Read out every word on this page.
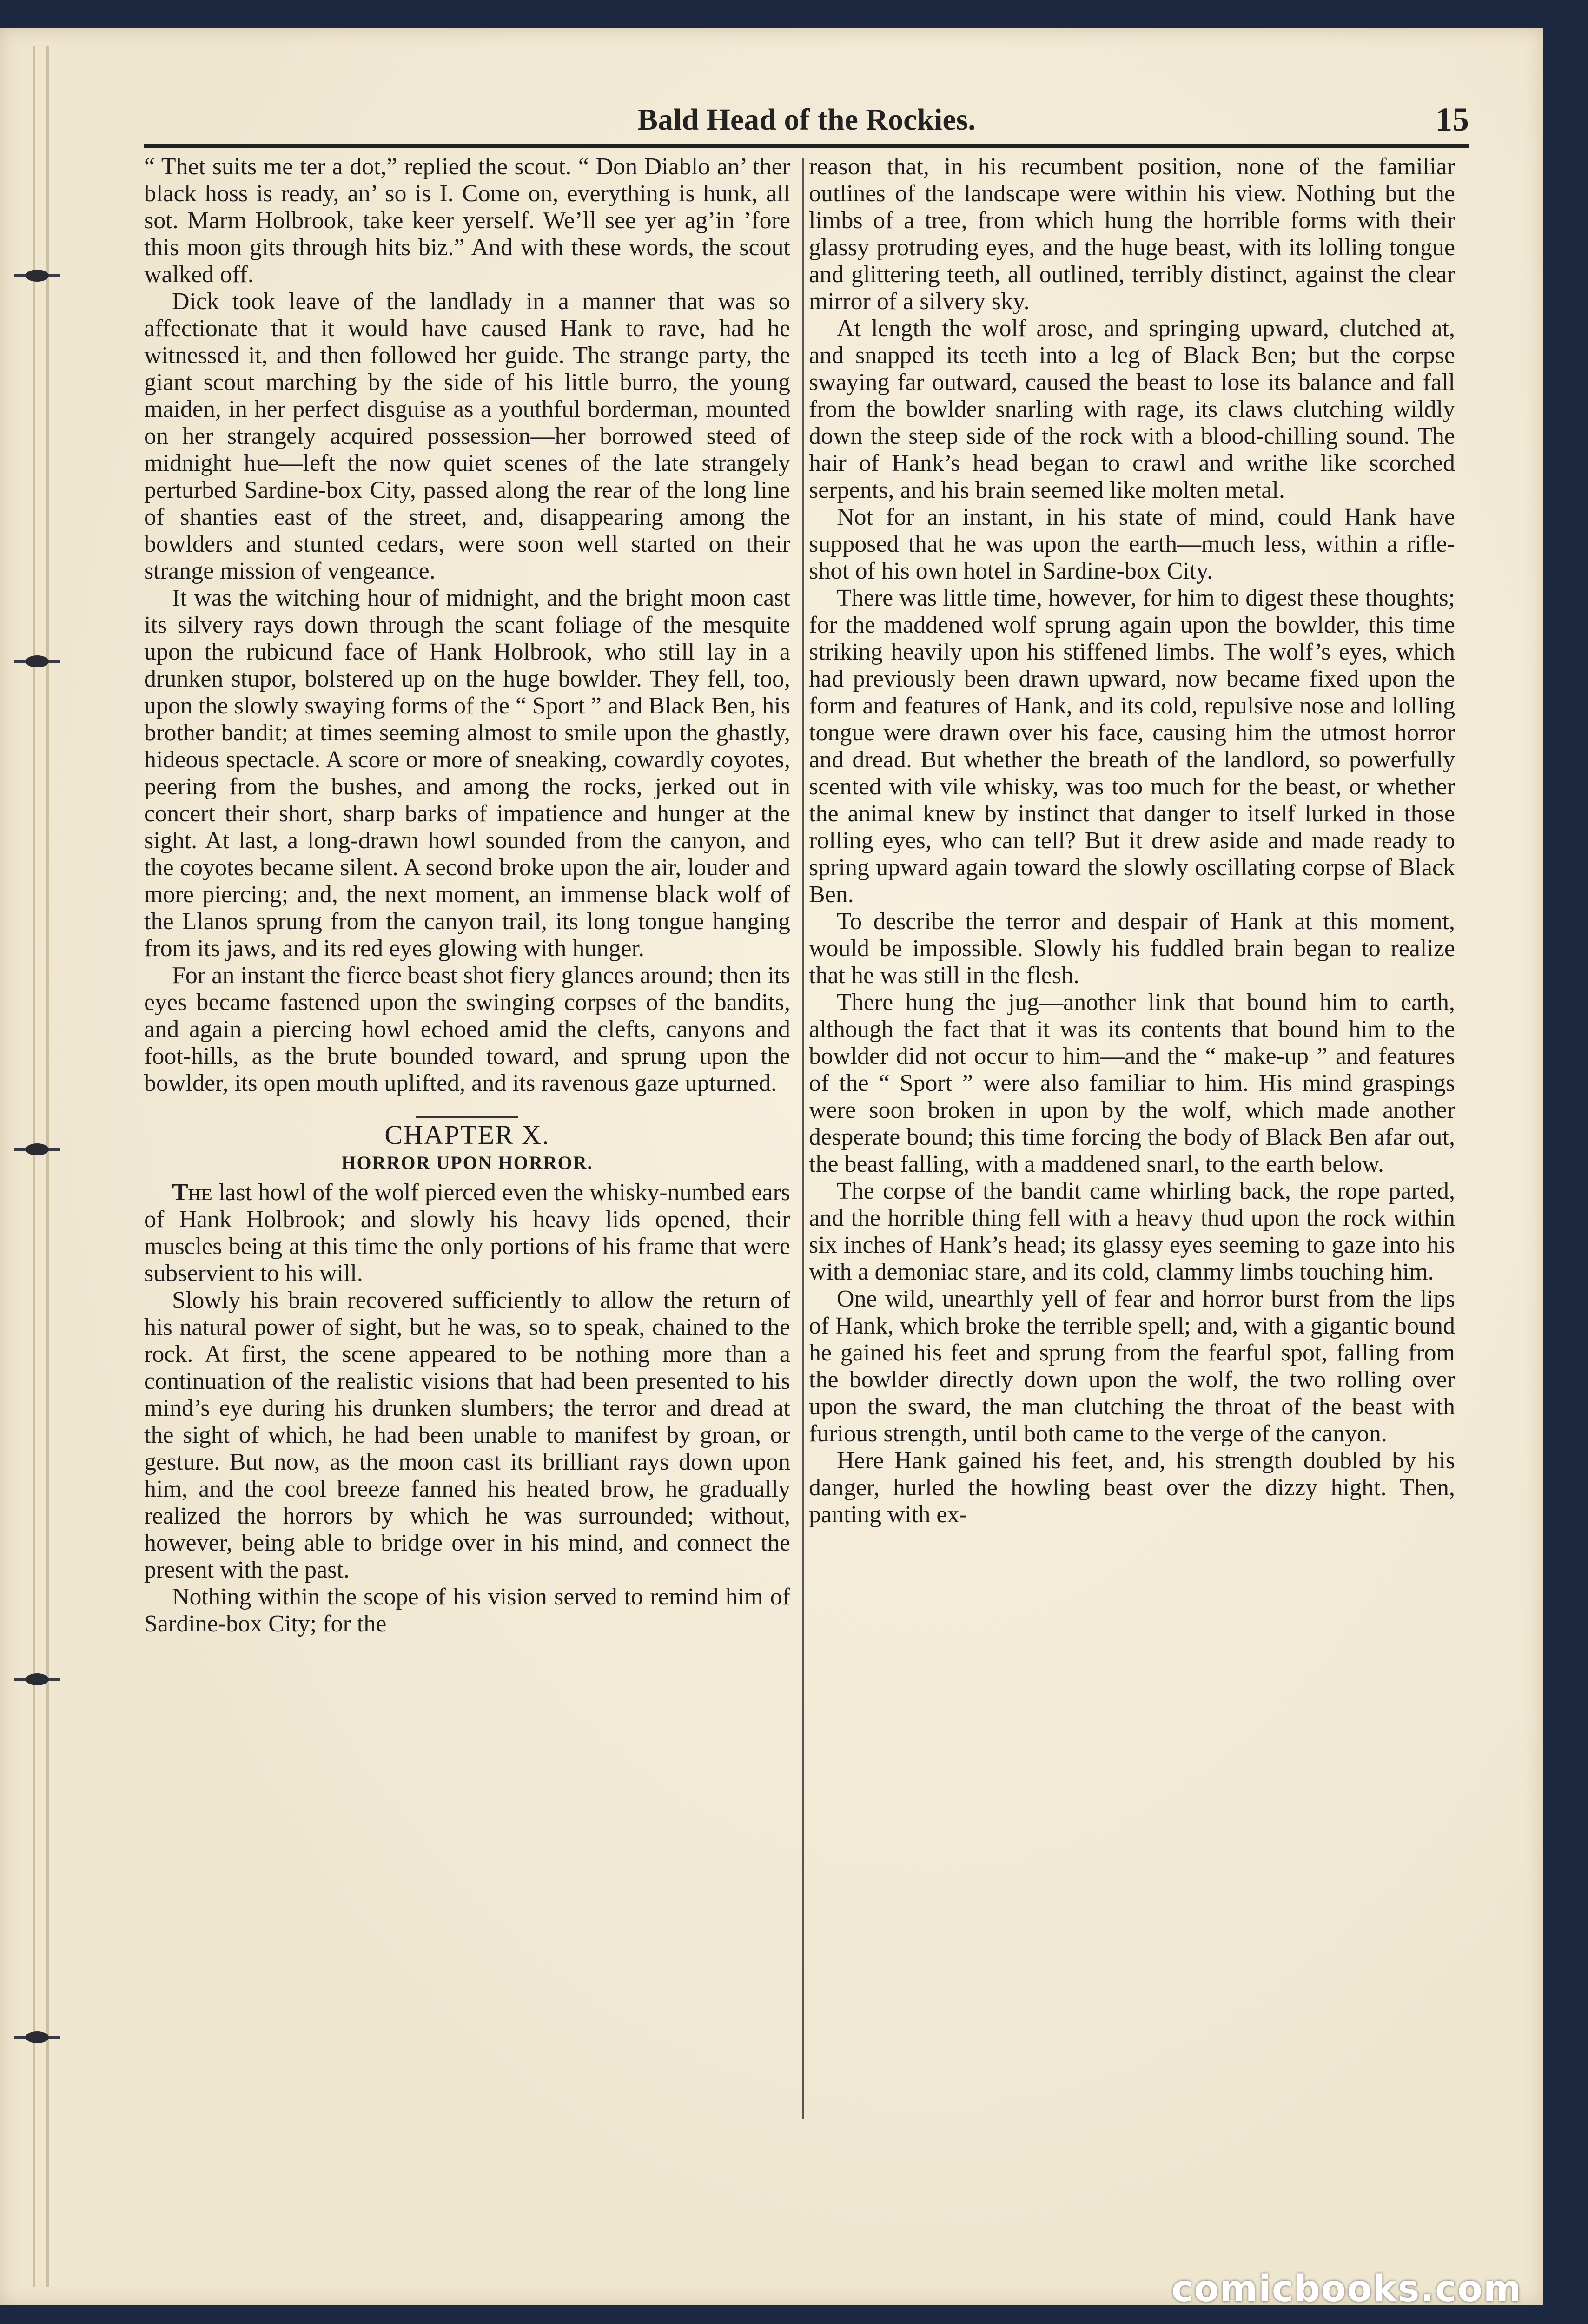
Bald Head of the Rockies.	15

“ Thet suits me ter a dot,” replied the scout. “ Don Diablo an’ ther black hoss is ready, an’ so is I. Come on, everything is hunk, all sot. Marm Holbrook, take keer yerself. We’ll see yer ag’in ’fore this moon gits through hits biz.” And with these words, the scout walked off.

Dick took leave of the landlady in a manner that was so affectionate that it would have caused Hank to rave, had he witnessed it, and then followed her guide. The strange party, the giant scout marching by the side of his little burro, the young maiden, in her perfect disguise as a youthful borderman, mounted on her strangely acquired possession—her borrowed steed of midnight hue—left the now quiet scenes of the late strangely perturbed Sardine-box City, passed along the rear of the long line of shanties east of the street, and, disappearing among the bowlders and stunted cedars, were soon well started on their strange mission of vengeance.

It was the witching hour of midnight, and the bright moon cast its silvery rays down through the scant foliage of the mesquite upon the rubicund face of Hank Holbrook, who still lay in a drunken stupor, bolstered up on the huge bowlder. They fell, too, upon the slowly swaying forms of the “ Sport ” and Black Ben, his brother bandit; at times seeming almost to smile upon the ghastly, hideous spectacle. A score or more of sneaking, cowardly coyotes, peering from the bushes, and among the rocks, jerked out in concert their short, sharp barks of impatience and hunger at the sight. At last, a long-drawn howl sounded from the canyon, and the coyotes became silent. A second broke upon the air, louder and more piercing; and, the next moment, an immense black wolf of the Llanos sprung from the canyon trail, its long tongue hanging from its jaws, and its red eyes glowing with hunger.

For an instant the fierce beast shot fiery glances around; then its eyes became fastened upon the swinging corpses of the bandits, and again a piercing howl echoed amid the clefts, canyons and foot-hills, as the brute bounded toward, and sprung upon the bowlder, its open mouth uplifted, and its ravenous gaze upturned.

CHAPTER X.
HORROR UPON HORROR.

The last howl of the wolf pierced even the whisky-numbed ears of Hank Holbrook; and slowly his heavy lids opened, their muscles being at this time the only portions of his frame that were subservient to his will.

Slowly his brain recovered sufficiently to allow the return of his natural power of sight, but he was, so to speak, chained to the rock. At first, the scene appeared to be nothing more than a continuation of the realistic visions that had been presented to his mind’s eye during his drunken slumbers; the terror and dread at the sight of which, he had been unable to manifest by groan, or gesture. But now, as the moon cast its brilliant rays down upon him, and the cool breeze fanned his heated brow, he gradually realized the horrors by which he was surrounded; without, however, being able to bridge over in his mind, and connect the present with the past.

Nothing within the scope of his vision served to remind him of Sardine-box City; for the

reason that, in his recumbent position, none of the familiar outlines of the landscape were within his view. Nothing but the limbs of a tree, from which hung the horrible forms with their glassy protruding eyes, and the huge beast, with its lolling tongue and glittering teeth, all outlined, terribly distinct, against the clear mirror of a silvery sky.

At length the wolf arose, and springing upward, clutched at, and snapped its teeth into a leg of Black Ben; but the corpse swaying far outward, caused the beast to lose its balance and fall from the bowlder snarling with rage, its claws clutching wildly down the steep side of the rock with a blood-chilling sound. The hair of Hank’s head began to crawl and writhe like scorched serpents, and his brain seemed like molten metal.

Not for an instant, in his state of mind, could Hank have supposed that he was upon the earth—much less, within a rifle-shot of his own hotel in Sardine-box City.

There was little time, however, for him to digest these thoughts; for the maddened wolf sprung again upon the bowlder, this time striking heavily upon his stiffened limbs. The wolf’s eyes, which had previously been drawn upward, now became fixed upon the form and features of Hank, and its cold, repulsive nose and lolling tongue were drawn over his face, causing him the utmost horror and dread. But whether the breath of the landlord, so powerfully scented with vile whisky, was too much for the beast, or whether the animal knew by instinct that danger to itself lurked in those rolling eyes, who can tell? But it drew aside and made ready to spring upward again toward the slowly oscillating corpse of Black Ben.

To describe the terror and despair of Hank at this moment, would be impossible. Slowly his fuddled brain began to realize that he was still in the flesh.

There hung the jug—another link that bound him to earth, although the fact that it was its contents that bound him to the bowlder did not occur to him—and the “ make-up ” and features of the “ Sport ” were also familiar to him. His mind graspings were soon broken in upon by the wolf, which made another desperate bound; this time forcing the body of Black Ben afar out, the beast falling, with a maddened snarl, to the earth below.

The corpse of the bandit came whirling back, the rope parted, and the horrible thing fell with a heavy thud upon the rock within six inches of Hank’s head; its glassy eyes seeming to gaze into his with a demoniac stare, and its cold, clammy limbs touching him.

One wild, unearthly yell of fear and horror burst from the lips of Hank, which broke the terrible spell; and, with a gigantic bound he gained his feet and sprung from the fearful spot, falling from the bowlder directly down upon the wolf, the two rolling over upon the sward, the man clutching the throat of the beast with furious strength, until both came to the verge of the canyon.

Here Hank gained his feet, and, his strength doubled by his danger, hurled the howling beast over the dizzy hight. Then, panting with ex-

comicbooks.com
